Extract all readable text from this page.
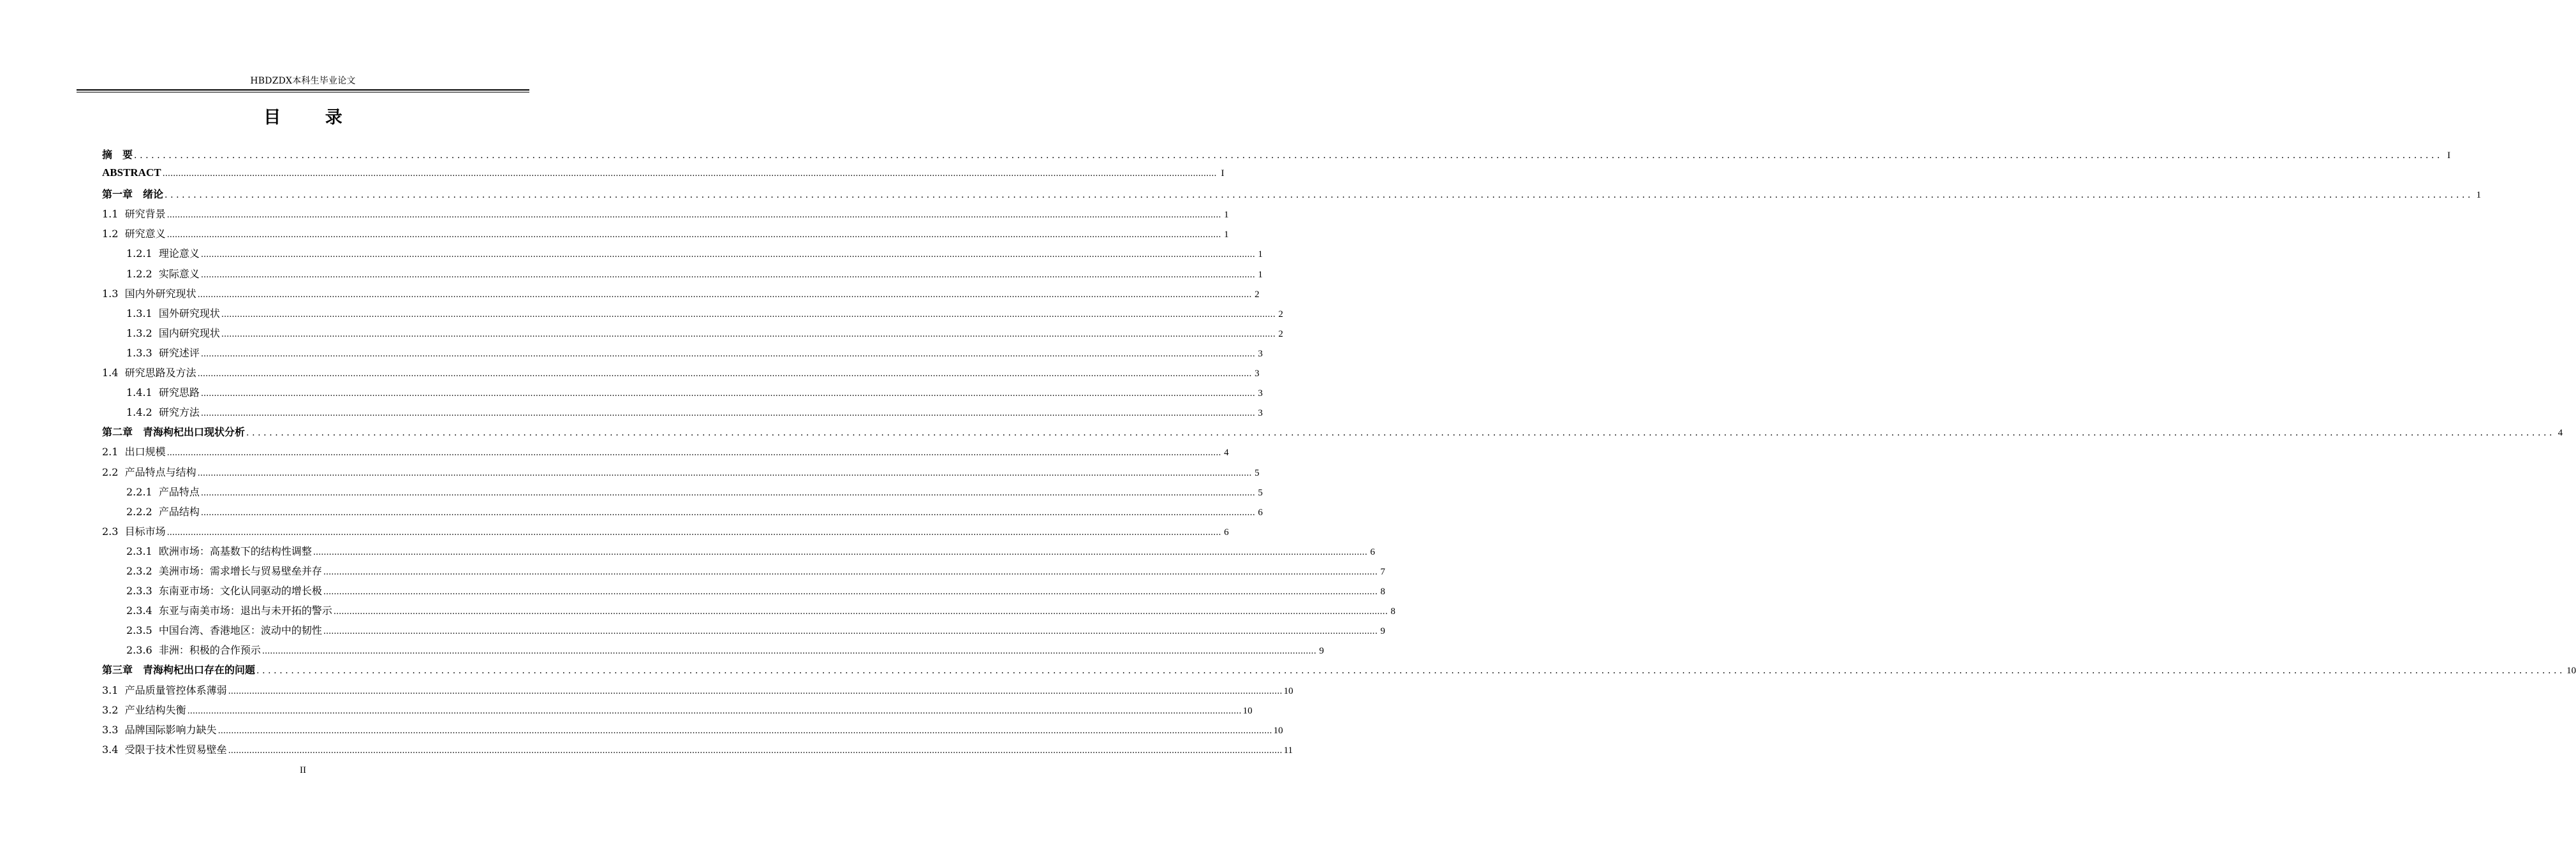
HBDZDX本科生毕业论文
目 录
摘　要 ................................................................................................................................................................................................................................................................................................................................................................................................................ I
ABSTRACT ................................................................................................................................................................................................................................................................................................................................................................................................................ I
第一章　绪论 ................................................................................................................................................................................................................................................................................................................................................................................................................ 1
1.1  研究背景 ................................................................................................................................................................................................................................................................................................................................................................................................................ 1
1.2  研究意义 ................................................................................................................................................................................................................................................................................................................................................................................................................ 1
1.2.1  理论意义 ................................................................................................................................................................................................................................................................................................................................................................................................................ 1
1.2.2  实际意义 ................................................................................................................................................................................................................................................................................................................................................................................................................ 1
1.3  国内外研究现状 ................................................................................................................................................................................................................................................................................................................................................................................................................ 2
1.3.1  国外研究现状 ................................................................................................................................................................................................................................................................................................................................................................................................................ 2
1.3.2  国内研究现状 ................................................................................................................................................................................................................................................................................................................................................................................................................ 2
1.3.3  研究述评 ................................................................................................................................................................................................................................................................................................................................................................................................................ 3
1.4  研究思路及方法 ................................................................................................................................................................................................................................................................................................................................................................................................................ 3
1.4.1  研究思路 ................................................................................................................................................................................................................................................................................................................................................................................................................ 3
1.4.2  研究方法 ................................................................................................................................................................................................................................................................................................................................................................................................................ 3
第二章　青海枸杞出口现状分析 ................................................................................................................................................................................................................................................................................................................................................................................................................ 4
2.1  出口规模 ................................................................................................................................................................................................................................................................................................................................................................................................................ 4
2.2  产品特点与结构 ................................................................................................................................................................................................................................................................................................................................................................................................................ 5
2.2.1  产品特点 ................................................................................................................................................................................................................................................................................................................................................................................................................ 5
2.2.2  产品结构 ................................................................................................................................................................................................................................................................................................................................................................................................................ 6
2.3  目标市场 ................................................................................................................................................................................................................................................................................................................................................................................................................ 6
2.3.1  欧洲市场：高基数下的结构性调整 ................................................................................................................................................................................................................................................................................................................................................................................................................ 6
2.3.2  美洲市场：需求增长与贸易壁垒并存 ................................................................................................................................................................................................................................................................................................................................................................................................................ 7
2.3.3  东南亚市场：文化认同驱动的增长极 ................................................................................................................................................................................................................................................................................................................................................................................................................ 8
2.3.4  东亚与南美市场：退出与未开拓的警示 ................................................................................................................................................................................................................................................................................................................................................................................................................ 8
2.3.5  中国台湾、香港地区：波动中的韧性 ................................................................................................................................................................................................................................................................................................................................................................................................................ 9
2.3.6  非洲：积极的合作预示 ................................................................................................................................................................................................................................................................................................................................................................................................................ 9
第三章　青海枸杞出口存在的问题 ................................................................................................................................................................................................................................................................................................................................................................................................................ 10
3.1  产品质量管控体系薄弱 ................................................................................................................................................................................................................................................................................................................................................................................................................ 10
3.2  产业结构失衡 ................................................................................................................................................................................................................................................................................................................................................................................................................ 10
3.3  品牌国际影响力缺失 ................................................................................................................................................................................................................................................................................................................................................................................................................ 10
3.4  受限于技术性贸易壁垒 ................................................................................................................................................................................................................................................................................................................................................................................................................ 11
II
